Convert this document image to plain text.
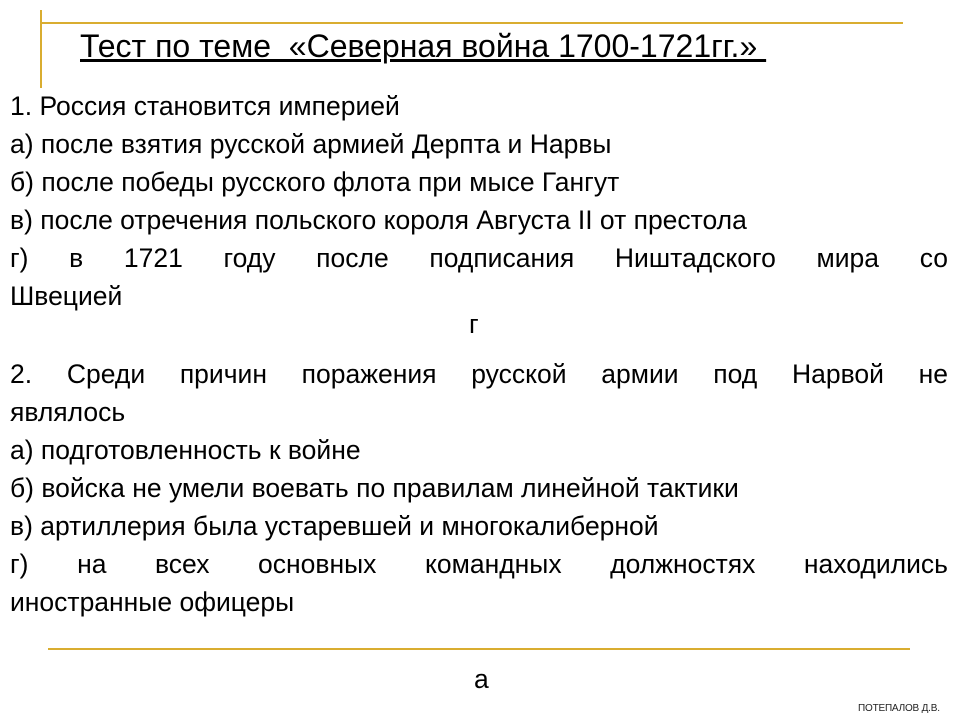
Тест по теме  «Северная война 1700-1721гг.»
1. Россия становится империей
а) после взятия русской армией Дерпта и Нарвы
б) после победы русского флота при мысе Гангут
в) после отречения польского короля Августа II от престола
г) в 1721 году после подписания Ништадского мира со
Швецией
г
2. Среди причин поражения русской армии под Нарвой не
являлось
а) подготовленность к войне
б) войска не умели воевать по правилам линейной тактики
в) артиллерия была устаревшей и многокалиберной
г) на всех основных командных должностях находились
иностранные офицеры
а
ПОТЕПАЛОВ Д.В.
